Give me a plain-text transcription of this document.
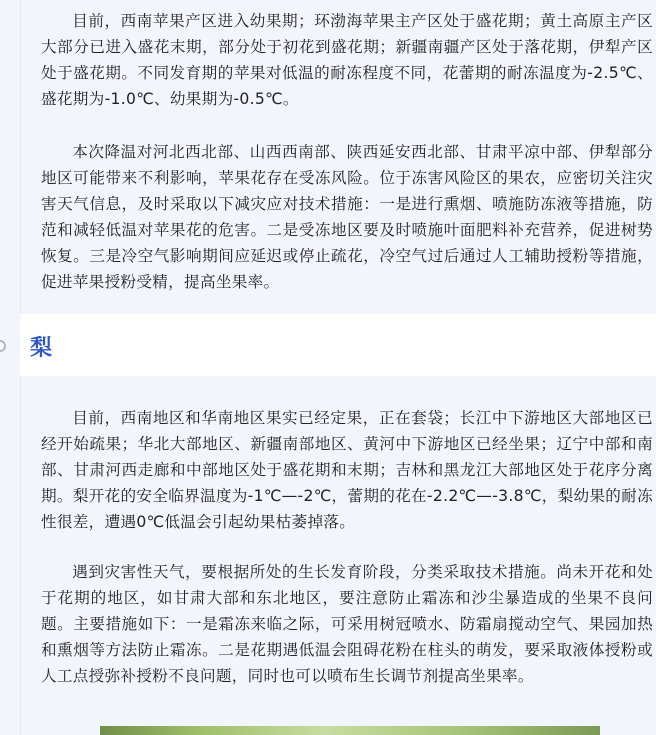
目前，西南苹果产区进入幼果期；环渤海苹果主产区处于盛花期；黄土高原主产区大部分已进入盛花末期，部分处于初花到盛花期；新疆南疆产区处于落花期，伊犁产区处于盛花期。不同发育期的苹果对低温的耐冻程度不同，花蕾期的耐冻温度为-2.5℃、盛花期为-1.0℃、幼果期为-0.5℃。

本次降温对河北西北部、山西西南部、陕西延安西北部、甘肃平凉中部、伊犁部分地区可能带来不利影响，苹果花存在受冻风险。位于冻害风险区的果农，应密切关注灾害天气信息，及时采取以下减灾应对技术措施：一是进行熏烟、喷施防冻液等措施，防范和减轻低温对苹果花的危害。二是受冻地区要及时喷施叶面肥料补充营养，促进树势恢复。三是冷空气影响期间应延迟或停止疏花，冷空气过后通过人工辅助授粉等措施，促进苹果授粉受精，提高坐果率。

梨

目前，西南地区和华南地区果实已经定果，正在套袋；长江中下游地区大部地区已经开始疏果；华北大部地区、新疆南部地区、黄河中下游地区已经坐果；辽宁中部和南部、甘肃河西走廊和中部地区处于盛花期和末期；吉林和黑龙江大部地区处于花序分离期。梨开花的安全临界温度为-1℃—-2℃，蕾期的花在-2.2℃—-3.8℃，梨幼果的耐冻性很差，遭遇0℃低温会引起幼果枯萎掉落。

遇到灾害性天气，要根据所处的生长发育阶段，分类采取技术措施。尚未开花和处于花期的地区，如甘肃大部和东北地区，要注意防止霜冻和沙尘暴造成的坐果不良问题。主要措施如下：一是霜冻来临之际，可采用树冠喷水、防霜扇搅动空气、果园加热和熏烟等方法防止霜冻。二是花期遇低温会阻碍花粉在柱头的萌发，要采取液体授粉或人工点授弥补授粉不良问题，同时也可以喷布生长调节剂提高坐果率。
